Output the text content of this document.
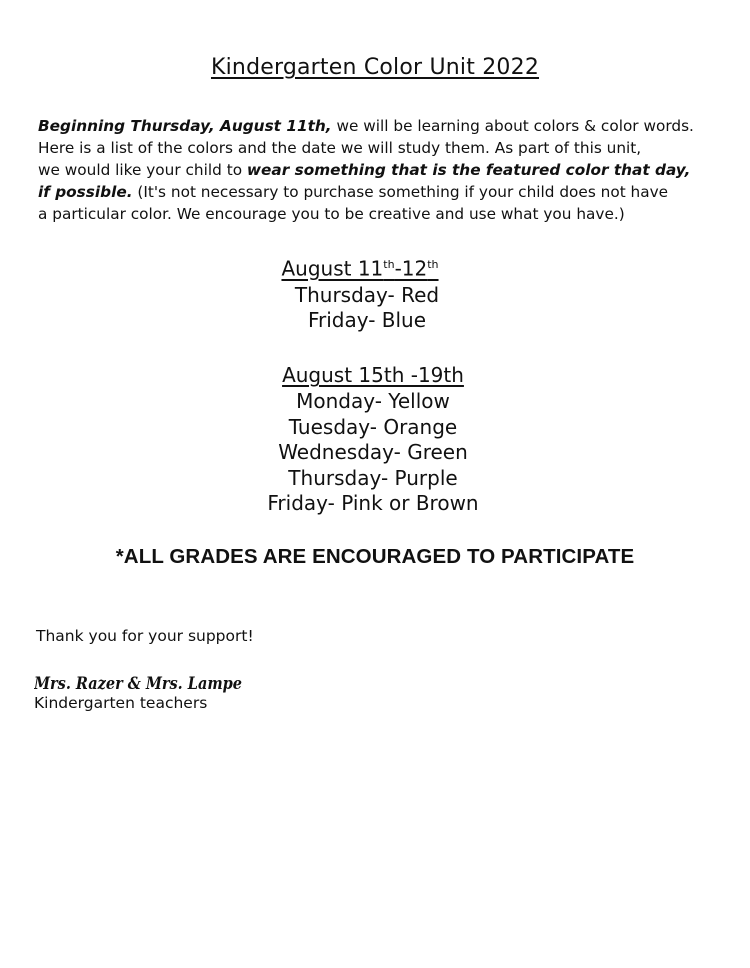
Kindergarten Color Unit 2022
Beginning Thursday, August 11th, we will be learning about colors & color words.
Here is a list of the colors and the date we will study them. As part of this unit,
we would like your child to wear something that is the featured color that day,
if possible. (It's not necessary to purchase something if your child does not have
a particular color. We encourage you to be creative and use what you have.)
August 11th-12th
Thursday- Red
Friday- Blue
August 15th -19th
Monday- Yellow
Tuesday- Orange
Wednesday- Green
Thursday- Purple
Friday- Pink or Brown
*ALL GRADES ARE ENCOURAGED TO PARTICIPATE
Thank you for your support!
Mrs. Razer & Mrs. Lampe
Kindergarten teachers
